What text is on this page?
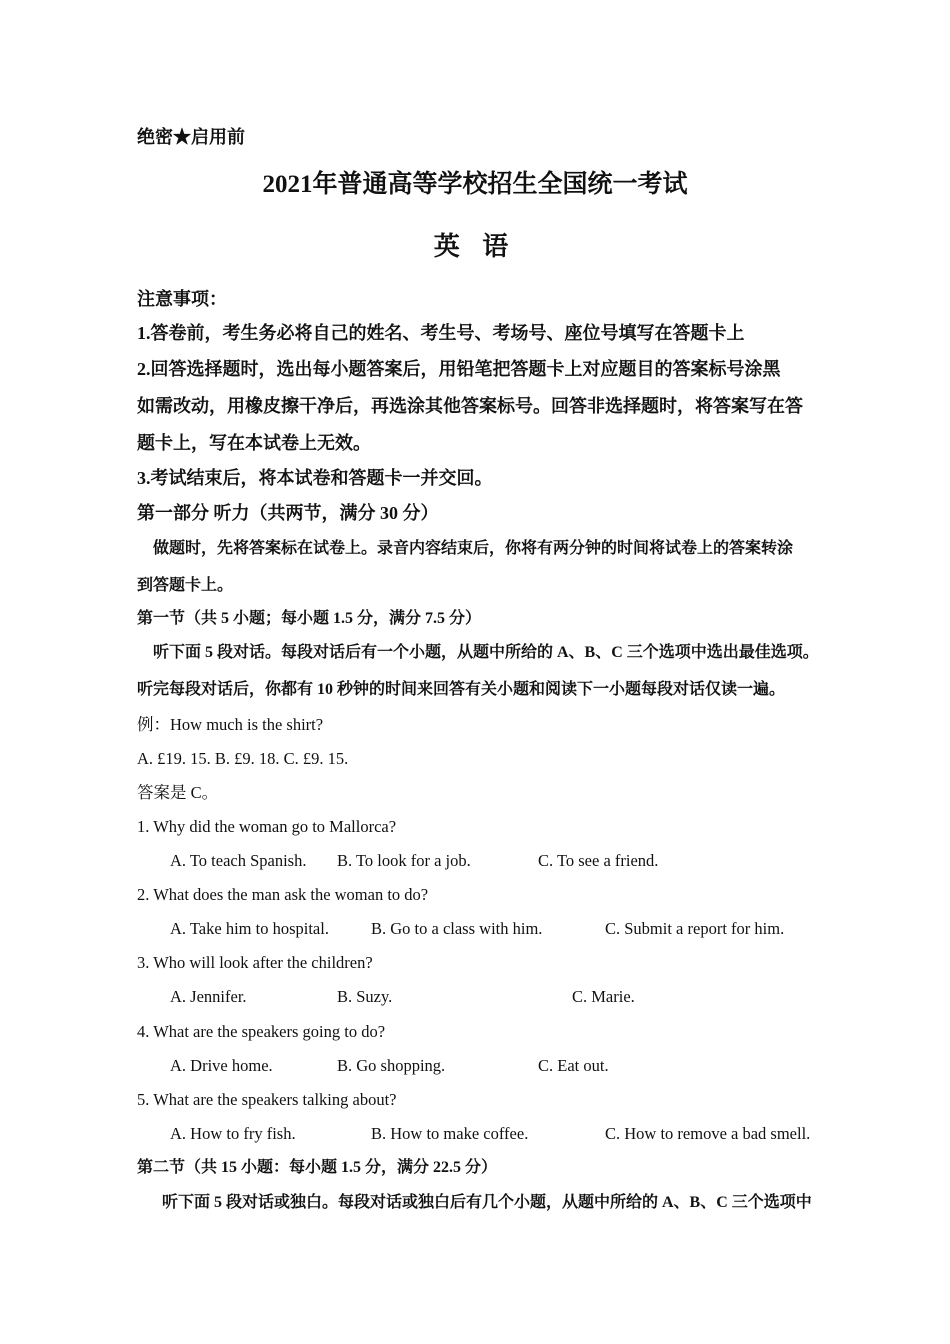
绝密★启用前
2021年普通高等学校招生全国统一考试
英 语
注意事项：
1.答卷前，考生务必将自己的姓名、考生号、考场号、座位号填写在答题卡上
2.回答选择题时，选出每小题答案后，用铅笔把答题卡上对应题目的答案标号涂黑
如需改动，用橡皮擦干净后，再选涂其他答案标号。回答非选择题时，将答案写在答
题卡上，写在本试卷上无效。
3.考试结束后，将本试卷和答题卡一并交回。
第一部分 听力（共两节，满分 30 分）
做题时，先将答案标在试卷上。录音内容结束后，你将有两分钟的时间将试卷上的答案转涂
到答题卡上。
第一节（共 5 小题；每小题 1.5 分，满分 7.5 分）
听下面 5 段对话。每段对话后有一个小题，从题中所给的 A、B、C 三个选项中选出最佳选项。
听完每段对话后，你都有 10 秒钟的时间来回答有关小题和阅读下一小题每段对话仅读一遍。
例：How much is the shirt?
A. £19. 15. B. £9. 18. C. £9. 15.
答案是 C。
1. Why did the woman go to Mallorca?
A. To teach Spanish. B. To look for a job.	C. To see a friend.
2. What does the man ask the woman to do?
A. Take him to hospital.	B. Go to a class with him.	C. Submit a report for him.
3. Who will look after the children?
A. Jennifer.	B. Suzy.	C. Marie.
4. What are the speakers going to do?
A. Drive home.	B. Go shopping.	C. Eat out.
5. What are the speakers talking about?
A. How to fry fish.	B. How to make coffee.	C. How to remove a bad smell.
第二节（共 15 小题：每小题 1.5 分，满分 22.5 分）
听下面 5 段对话或独白。每段对话或独白后有几个小题，从题中所给的 A、B、C 三个选项中
